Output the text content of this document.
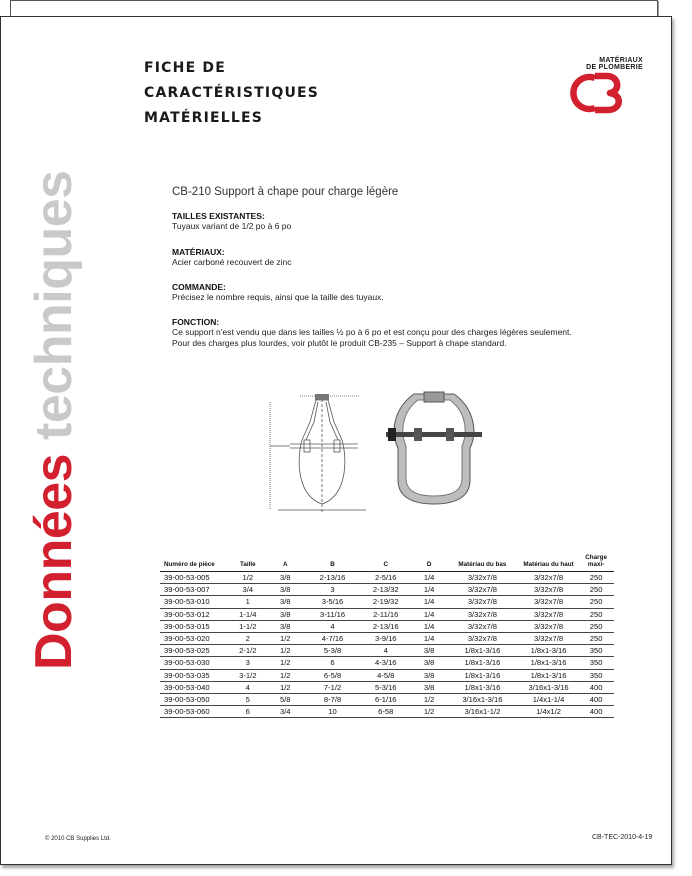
Données techniques
FICHE DE
CARACTÉRISTIQUES
MATÉRIELLES
MATÉRIAUX
DE PLOMBERIE
CB-210 Support à chape pour charge légère
TAILLES EXISTANTES:
Tuyaux variant de 1/2 po à 6 po
MATÉRIAUX:
Acier carboné recouvert de zinc
COMMANDE:
Précisez le nombre requis, ainsi que la taille des tuyaux.
FONCTION:
Ce support n’est vendu que dans les tailles ½ po à 6 po et est conçu pour des charges légères seulement.
Pour des charges plus lourdes, voir plutôt le produit CB-235 – Support à chape standard.
Numéro de pièce	Taille	A	B	C	D	Matériau du bas	Matériau du haut	Charge maxi-
39-00-53-005	1/2	3/8	2-13/16	2-5/16	1/4	3/32x7/8	3/32x7/8	250
39-00-53-007	3/4	3/8	3	2-13/32	1/4	3/32x7/8	3/32x7/8	250
39-00-53-010	1	3/8	3-5/16	2-19/32	1/4	3/32x7/8	3/32x7/8	250
39-00-53-012	1-1/4	3/8	3-11/16	2-11/16	1/4	3/32x7/8	3/32x7/8	250
39-00-53-015	1-1/2	3/8	4	2-13/16	1/4	3/32x7/8	3/32x7/8	250
39-00-53-020	2	1/2	4-7/16	3-9/16	1/4	3/32x7/8	3/32x7/8	250
39-00-53-025	2-1/2	1/2	5-3/8	4	3/8	1/8x1-3/16	1/8x1-3/16	350
39-00-53-030	3	1/2	6	4-3/16	3/8	1/8x1-3/16	1/8x1-3/16	350
39-00-53-035	3-1/2	1/2	6-5/8	4-5/8	3/8	1/8x1-3/16	1/8x1-3/16	350
39-00-53-040	4	1/2	7-1/2	5-3/16	3/8	1/8x1-3/16	3/16x1-3/16	400
39-00-53-050	5	5/8	8-7/8	6-1/16	1/2	3/16x1-3/16	1/4x1-1/4	400
39-00-53-060	6	3/4	10	6-58	1/2	3/16x1-1/2	1/4x1/2	400
© 2010 CB Supplies Ltd.	CB-TEC-2010-4-19
